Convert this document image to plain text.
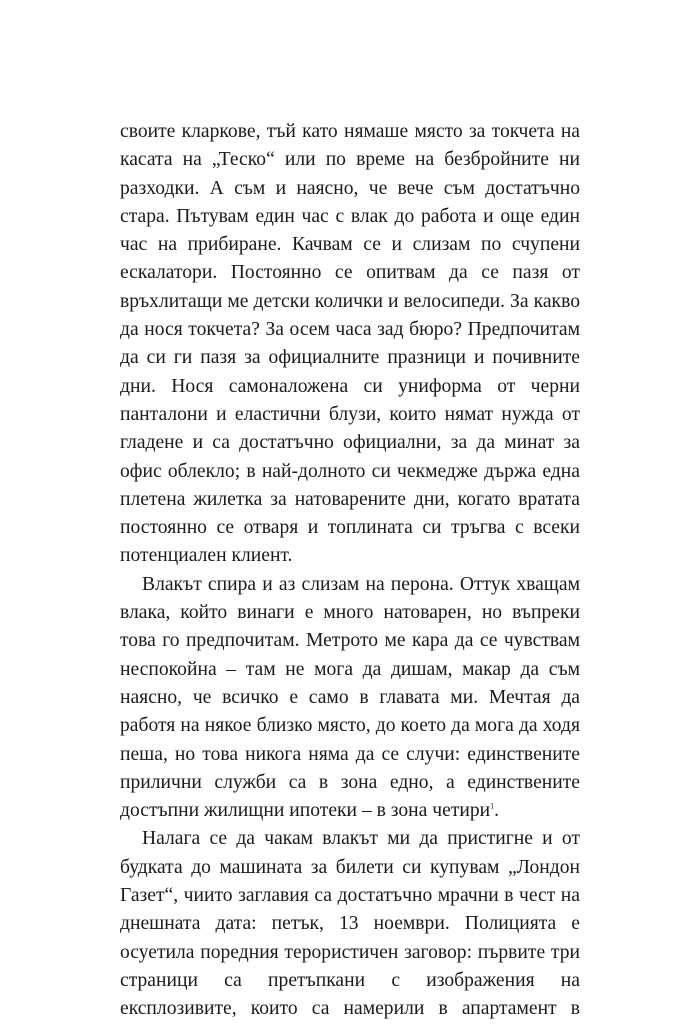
своите кларкове, тъй като нямаше място за токчета на
касата на „Теско“ или по време на безбройните ни
разходки. А съм и наясно, че вече съм достатъчно
стара. Пътувам един час с влак до работа и още един
час на прибиране. Качвам се и слизам по счупени
ескалатори. Постоянно се опитвам да се пазя от
връхлитащи ме детски колички и велосипеди. За какво
да нося токчета? За осем часа зад бюро? Предпочитам
да си ги пазя за официалните празници и почивните
дни. Нося самоналожена си униформа от черни
панталони и еластични блузи, които нямат нужда от
гладене и са достатъчно официални, за да минат за
офис облекло; в най-долното си чекмедже държа една
плетена жилетка за натоварените дни, когато вратата
постоянно се отваря и топлината си тръгва с всеки
потенциален клиент.
Влакът спира и аз слизам на перона. Оттук хващам
влака, който винаги е много натоварен, но въпреки
това го предпочитам. Метрото ме кара да се чувствам
неспокойна – там не мога да дишам, макар да съм
наясно, че всичко е само в главата ми. Мечтая да
работя на някое близко място, до което да мога да ходя
пеша, но това никога няма да се случи: единствените
прилични служби са в зона едно, а единствените
достъпни жилищни ипотеки – в зона четири$^1$.
Налага се да чакам влакът ми да пристигне и от
будката до машината за билети си купувам „Лондон
Газет“, чиито заглавия са достатъчно мрачни в чест на
днешната дата: петък, 13 ноември. Полицията е
осуетила поредния терористичен заговор: първите три
страници са претъпкани с изображения на
експлозивите, които са намерили в апартамент в
